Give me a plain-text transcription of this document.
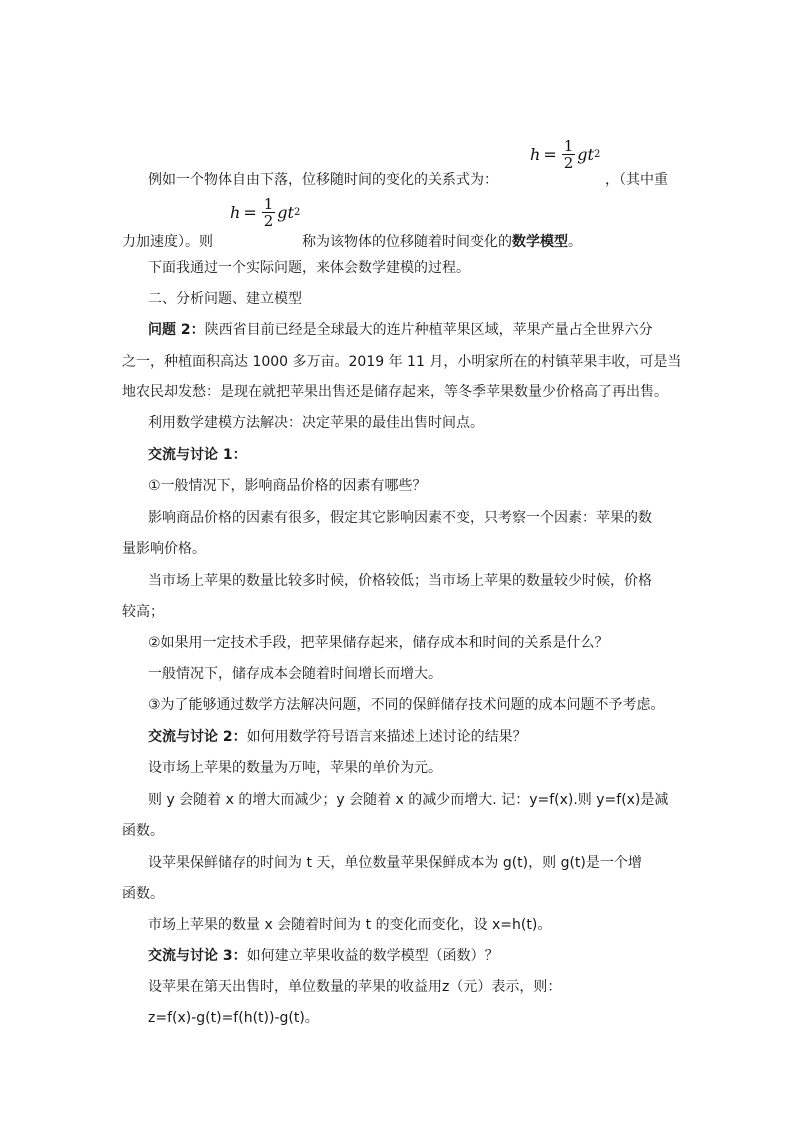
$h = \frac{1}{2}$ gt 2
例如一个物体自由下落，位移随时间的变化的关系式为：	，（其中重
$h = \frac{1}{2}$ gt 2
力加速度）。则	称为该物体的位移随着时间变化的数学模型。
下面我通过一个实际问题，来体会数学建模的过程。
二、分析问题、建立模型
问题 2：陕西省目前已经是全球最大的连片种植苹果区域，苹果产量占全世界六分
之一，种植面积高达 1000 多万亩。2019 年 11 月，小明家所在的村镇苹果丰收，可是当
地农民却发愁：是现在就把苹果出售还是储存起来，等冬季苹果数量少价格高了再出售。
利用数学建模方法解决：决定苹果的最佳出售时间点。
交流与讨论 1：
①一般情况下，影响商品价格的因素有哪些？
影响商品价格的因素有很多，假定其它影响因素不变，只考察一个因素：苹果的数
量影响价格。
当市场上苹果的数量比较多时候，价格较低；当市场上苹果的数量较少时候，价格
较高；
②如果用一定技术手段，把苹果储存起来，储存成本和时间的关系是什么？
一般情况下，储存成本会随着时间增长而增大。
③为了能够通过数学方法解决问题，不同的保鲜储存技术问题的成本问题不予考虑。
交流与讨论 2：如何用数学符号语言来描述上述讨论的结果？
设市场上苹果的数量为万吨，苹果的单价为元。
则 y 会随着 x 的增大而减少；y 会随着 x 的减少而增大. 记：y=f(x).则 y=f(x)是减
函数。
设苹果保鲜储存的时间为 t 天，单位数量苹果保鲜成本为 g(t)，则 g(t)是一个增
函数。
市场上苹果的数量 x 会随着时间为 t 的变化而变化，设 x=h(t)。
交流与讨论 3：如何建立苹果收益的数学模型（函数）？
设苹果在第天出售时，单位数量的苹果的收益用z（元）表示，则：
z=f(x)-g(t)=f(h(t))-g(t)。
